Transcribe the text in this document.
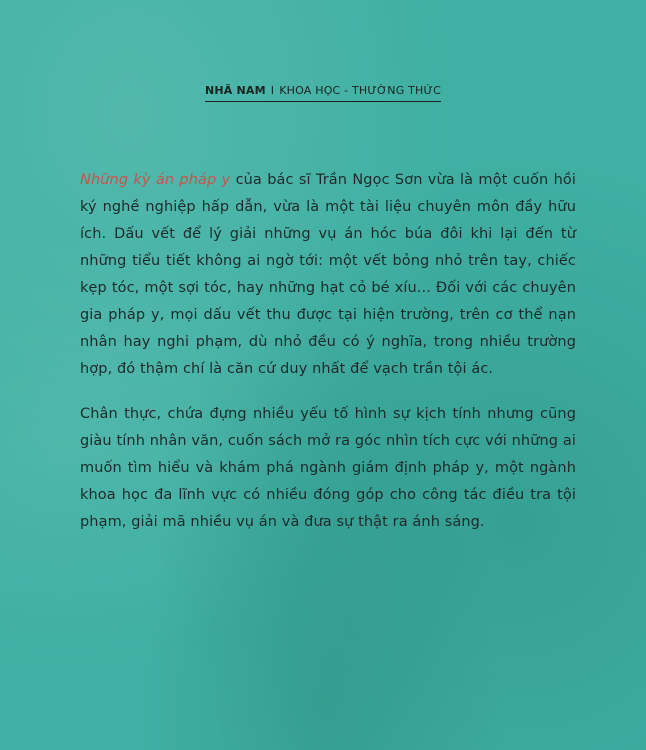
NHÃ NAM I KHOA HỌC - THƯỜNG THỨC

Những kỳ án pháp y của bác sĩ Trần Ngọc Sơn vừa là một cuốn hồi ký nghề nghiệp hấp dẫn, vừa là một tài liệu chuyên môn đầy hữu ích. Dấu vết để lý giải những vụ án hóc búa đôi khi lại đến từ những tiểu tiết không ai ngờ tới: một vết bỏng nhỏ trên tay, chiếc kẹp tóc, một sợi tóc, hay những hạt cỏ bé xíu... Đối với các chuyên gia pháp y, mọi dấu vết thu được tại hiện trường, trên cơ thể nạn nhân hay nghi phạm, dù nhỏ đều có ý nghĩa, trong nhiều trường hợp, đó thậm chí là căn cứ duy nhất để vạch trần tội ác.

Chân thực, chứa đựng nhiều yếu tố hình sự kịch tính nhưng cũng giàu tính nhân văn, cuốn sách mở ra góc nhìn tích cực với những ai muốn tìm hiểu và khám phá ngành giám định pháp y, một ngành khoa học đa lĩnh vực có nhiều đóng góp cho công tác điều tra tội phạm, giải mã nhiều vụ án và đưa sự thật ra ánh sáng.
